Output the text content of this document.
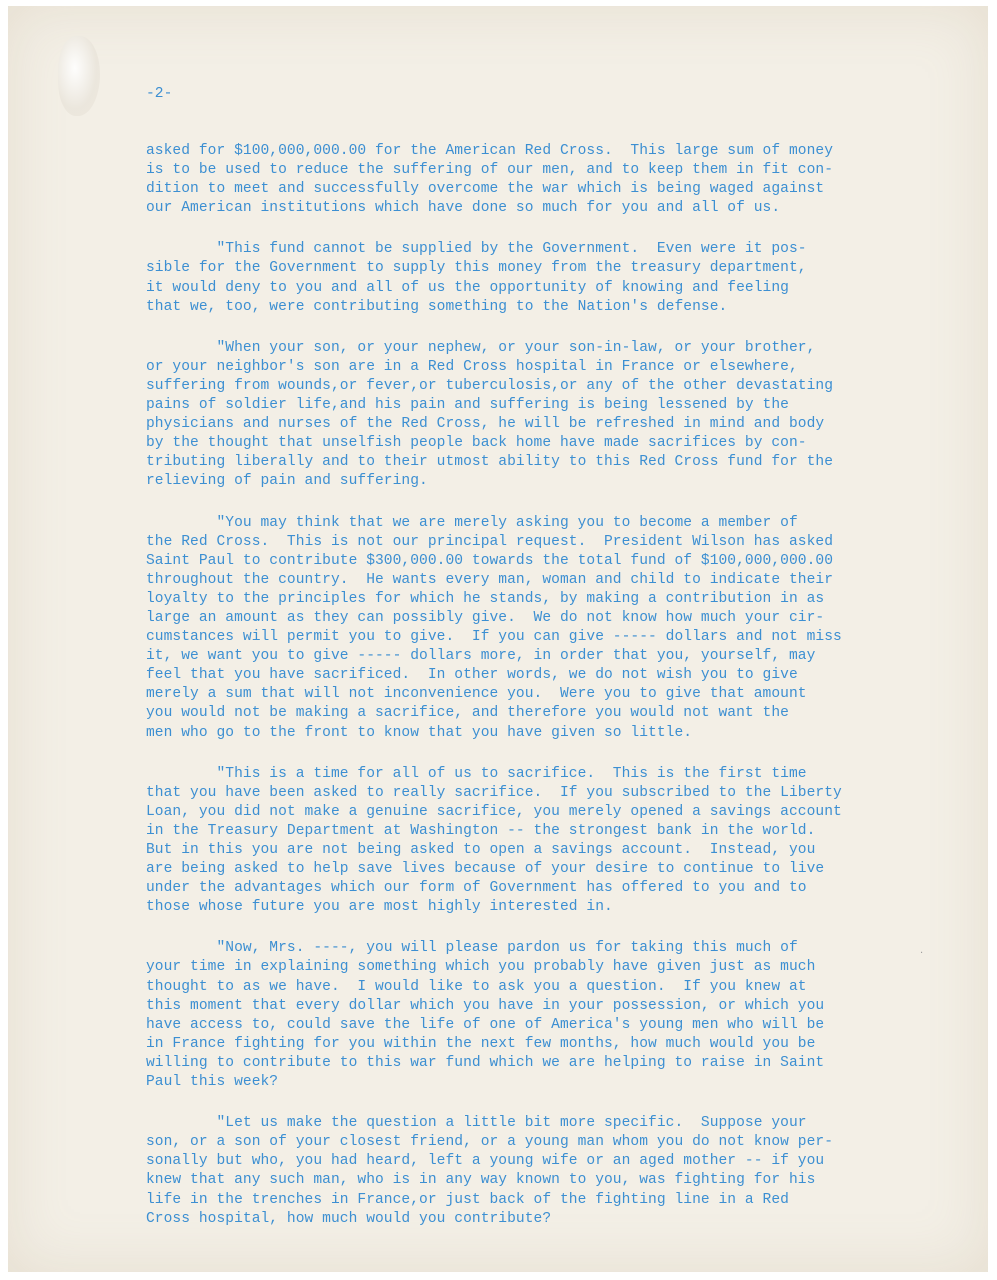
-2-
asked for $100,000,000.00 for the American Red Cross.  This large sum of money
is to be used to reduce the suffering of our men, and to keep them in fit con-
dition to meet and successfully overcome the war which is being waged against
our American institutions which have done so much for you and all of us.
"This fund cannot be supplied by the Government.  Even were it pos-
sible for the Government to supply this money from the treasury department,
it would deny to you and all of us the opportunity of knowing and feeling
that we, too, were contributing something to the Nation's defense.
"When your son, or your nephew, or your son-in-law, or your brother,
or your neighbor's son are in a Red Cross hospital in France or elsewhere,
suffering from wounds,or fever,or tuberculosis,or any of the other devastating
pains of soldier life,and his pain and suffering is being lessened by the
physicians and nurses of the Red Cross, he will be refreshed in mind and body
by the thought that unselfish people back home have made sacrifices by con-
tributing liberally and to their utmost ability to this Red Cross fund for the
relieving of pain and suffering.
"You may think that we are merely asking you to become a member of
the Red Cross.  This is not our principal request.  President Wilson has asked
Saint Paul to contribute $300,000.00 towards the total fund of $100,000,000.00
throughout the country.  He wants every man, woman and child to indicate their
loyalty to the principles for which he stands, by making a contribution in as
large an amount as they can possibly give.  We do not know how much your cir-
cumstances will permit you to give.  If you can give ----- dollars and not miss
it, we want you to give ----- dollars more, in order that you, yourself, may
feel that you have sacrificed.  In other words, we do not wish you to give
merely a sum that will not inconvenience you.  Were you to give that amount
you would not be making a sacrifice, and therefore you would not want the
men who go to the front to know that you have given so little.
"This is a time for all of us to sacrifice.  This is the first time
that you have been asked to really sacrifice.  If you subscribed to the Liberty
Loan, you did not make a genuine sacrifice, you merely opened a savings account
in the Treasury Department at Washington -- the strongest bank in the world.
But in this you are not being asked to open a savings account.  Instead, you
are being asked to help save lives because of your desire to continue to live
under the advantages which our form of Government has offered to you and to
those whose future you are most highly interested in.
"Now, Mrs. ----, you will please pardon us for taking this much of
your time in explaining something which you probably have given just as much
thought to as we have.  I would like to ask you a question.  If you knew at
this moment that every dollar which you have in your possession, or which you
have access to, could save the life of one of America's young men who will be
in France fighting for you within the next few months, how much would you be
willing to contribute to this war fund which we are helping to raise in Saint
Paul this week?
"Let us make the question a little bit more specific.  Suppose your
son, or a son of your closest friend, or a young man whom you do not know per-
sonally but who, you had heard, left a young wife or an aged mother -- if you
knew that any such man, who is in any way known to you, was fighting for his
life in the trenches in France,or just back of the fighting line in a Red
Cross hospital, how much would you contribute?
·
